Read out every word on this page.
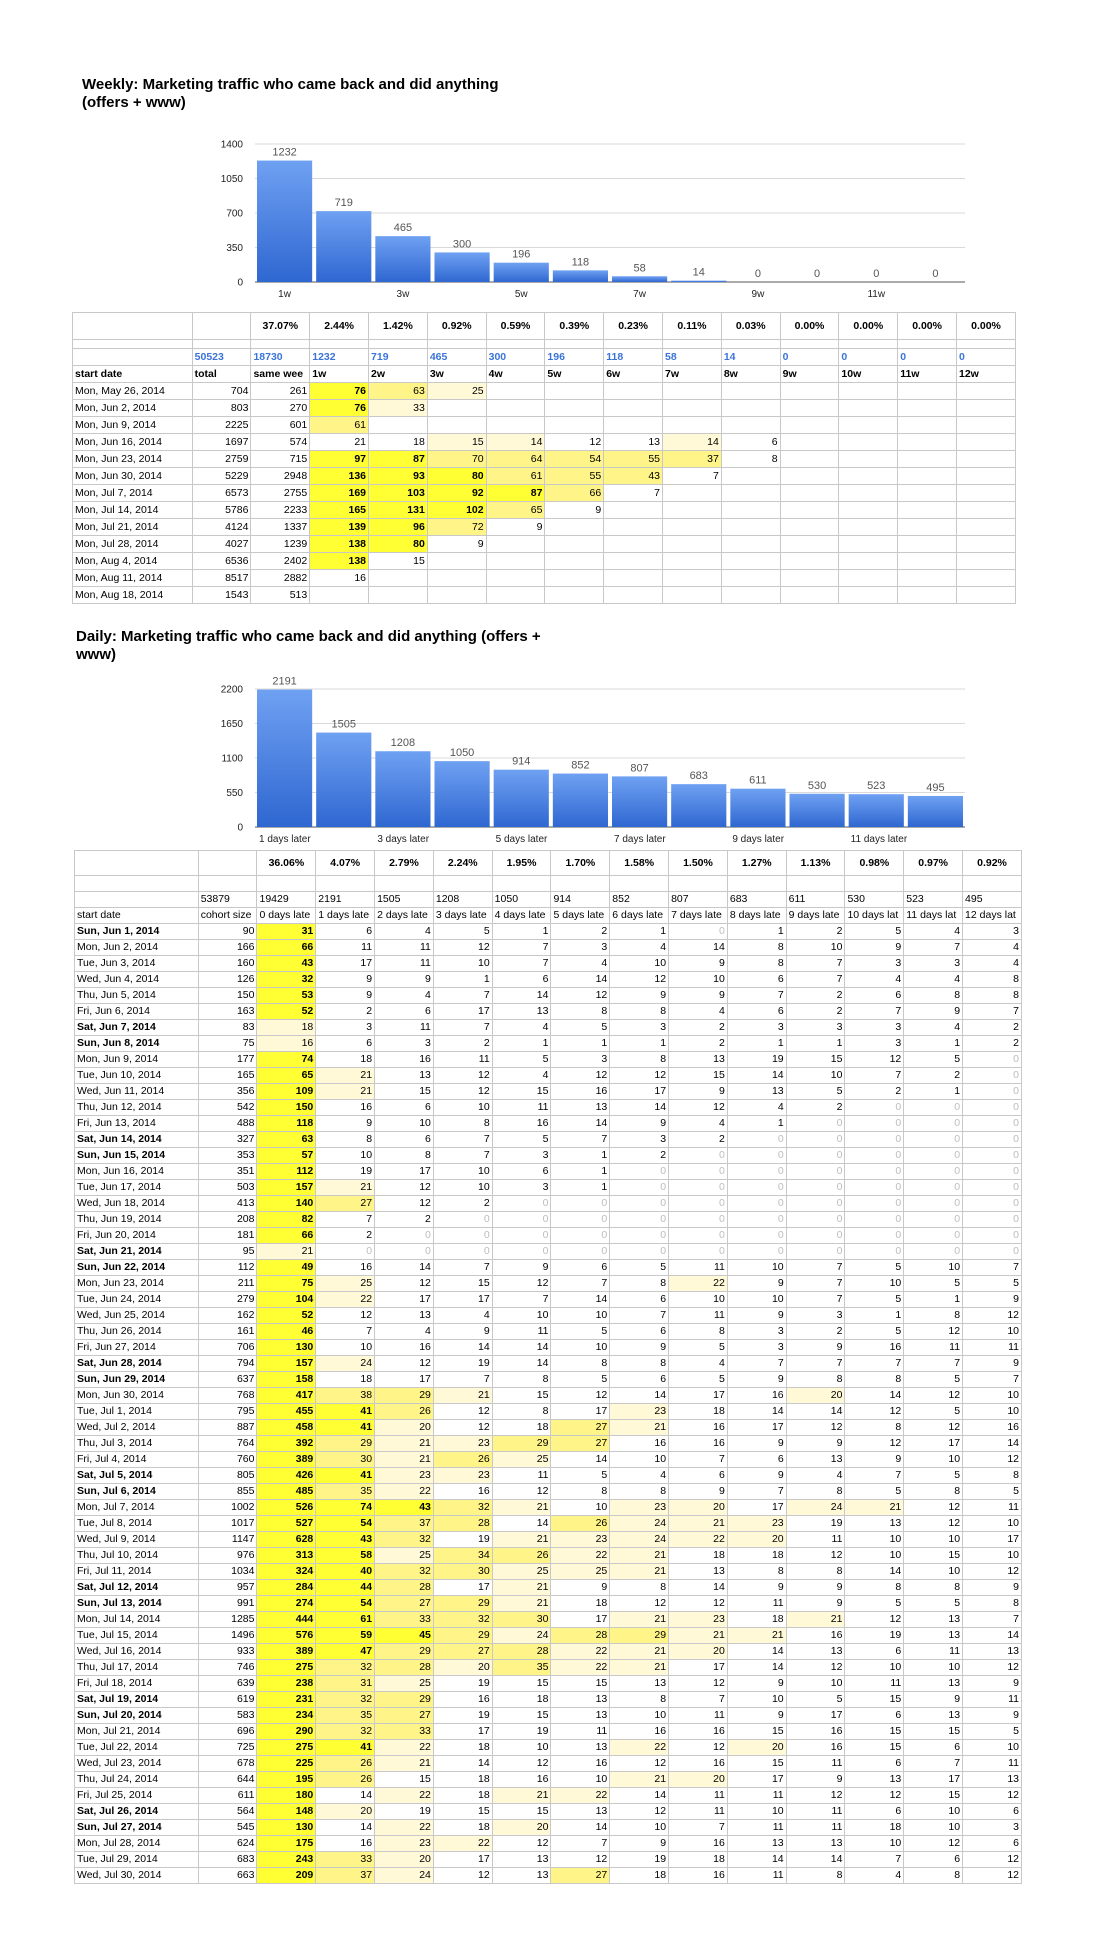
Weekly: Marketing traffic who came back and did anything (offers + www)
0
350
700
1050
1400
1232
1w
719
465
3w
300
196
5w
118	58
7w
14	0
9w
0	0
11w
0
		37.07%	2.44%	1.42%	0.92%	0.59%	0.39%	0.23%	0.11%	0.03%	0.00%	0.00%	0.00%	0.00%

	50523	18730	1232	719	465	300	196	118	58	14	0	0	0	0
start date	total	same wee	1w	2w	3w	4w	5w	6w	7w	8w	9w	10w	11w	12w
Mon, May 26, 2014	704	261	76	63	25									
Mon, Jun 2, 2014	803	270	76	33										
Mon, Jun 9, 2014	2225	601	61											
Mon, Jun 16, 2014	1697	574	21	18	15	14	12	13	14	6				
Mon, Jun 23, 2014	2759	715	97	87	70	64	54	55	37	8				
Mon, Jun 30, 2014	5229	2948	136	93	80	61	55	43	7					
Mon, Jul 7, 2014	6573	2755	169	103	92	87	66	7						
Mon, Jul 14, 2014	5786	2233	165	131	102	65	9							
Mon, Jul 21, 2014	4124	1337	139	96	72	9								
Mon, Jul 28, 2014	4027	1239	138	80	9									
Mon, Aug 4, 2014	6536	2402	138	15										
Mon, Aug 11, 2014	8517	2882	16											
Mon, Aug 18, 2014	1543	513												
Daily: Marketing traffic who came back and did anything (offers + www)
0
550
1100
1650
2200
2191
1 days later
1505
1208
3 days later
1050
914
5 days later
852	807
7 days later
683	611
9 days later
530	523
11 days later
495
		36.06%	4.07%	2.79%	2.24%	1.95%	1.70%	1.58%	1.50%	1.27%	1.13%	0.98%	0.97%	0.92%

	53879	19429	2191	1505	1208	1050	914	852	807	683	611	530	523	495
start date	cohort size	0 days late	1 days late	2 days late	3 days late	4 days late	5 days late	6 days late	7 days late	8 days late	9 days late	10 days lat	11 days lat	12 days lat
Sun, Jun 1, 2014	90	31	6	4	5	1	2	1	0	1	2	5	4	3
Mon, Jun 2, 2014	166	66	11	11	12	7	3	4	14	8	10	9	7	4
Tue, Jun 3, 2014	160	43	17	11	10	7	4	10	9	8	7	3	3	4
Wed, Jun 4, 2014	126	32	9	9	1	6	14	12	10	6	7	4	4	8
Thu, Jun 5, 2014	150	53	9	4	7	14	12	9	9	7	2	6	8	8
Fri, Jun 6, 2014	163	52	2	6	17	13	8	8	4	6	2	7	9	7
Sat, Jun 7, 2014	83	18	3	11	7	4	5	3	2	3	3	3	4	2
Sun, Jun 8, 2014	75	16	6	3	2	1	1	1	2	1	1	3	1	2
Mon, Jun 9, 2014	177	74	18	16	11	5	3	8	13	19	15	12	5	0
Tue, Jun 10, 2014	165	65	21	13	12	4	12	12	15	14	10	7	2	0
Wed, Jun 11, 2014	356	109	21	15	12	15	16	17	9	13	5	2	1	0
Thu, Jun 12, 2014	542	150	16	6	10	11	13	14	12	4	2	0	0	0
Fri, Jun 13, 2014	488	118	9	10	8	16	14	9	4	1	0	0	0	0
Sat, Jun 14, 2014	327	63	8	6	7	5	7	3	2	0	0	0	0	0
Sun, Jun 15, 2014	353	57	10	8	7	3	1	2	0	0	0	0	0	0
Mon, Jun 16, 2014	351	112	19	17	10	6	1	0	0	0	0	0	0	0
Tue, Jun 17, 2014	503	157	21	12	10	3	1	0	0	0	0	0	0	0
Wed, Jun 18, 2014	413	140	27	12	2	0	0	0	0	0	0	0	0	0
Thu, Jun 19, 2014	208	82	7	2	0	0	0	0	0	0	0	0	0	0
Fri, Jun 20, 2014	181	66	2	0	0	0	0	0	0	0	0	0	0	0
Sat, Jun 21, 2014	95	21	0	0	0	0	0	0	0	0	0	0	0	0
Sun, Jun 22, 2014	112	49	16	14	7	9	6	5	11	10	7	5	10	7
Mon, Jun 23, 2014	211	75	25	12	15	12	7	8	22	9	7	10	5	5
Tue, Jun 24, 2014	279	104	22	17	17	7	14	6	10	10	7	5	1	9
Wed, Jun 25, 2014	162	52	12	13	4	10	10	7	11	9	3	1	8	12
Thu, Jun 26, 2014	161	46	7	4	9	11	5	6	8	3	2	5	12	10
Fri, Jun 27, 2014	706	130	10	16	14	14	10	9	5	3	9	16	11	11
Sat, Jun 28, 2014	794	157	24	12	19	14	8	8	4	7	7	7	7	9
Sun, Jun 29, 2014	637	158	18	17	7	8	5	6	5	9	8	8	5	7
Mon, Jun 30, 2014	768	417	38	29	21	15	12	14	17	16	20	14	12	10
Tue, Jul 1, 2014	795	455	41	26	12	8	17	23	18	14	14	12	5	10
Wed, Jul 2, 2014	887	458	41	20	12	18	27	21	16	17	12	8	12	16
Thu, Jul 3, 2014	764	392	29	21	23	29	27	16	16	9	9	12	17	14
Fri, Jul 4, 2014	760	389	30	21	26	25	14	10	7	6	13	9	10	12
Sat, Jul 5, 2014	805	426	41	23	23	11	5	4	6	9	4	7	5	8
Sun, Jul 6, 2014	855	485	35	22	16	12	8	8	9	7	8	5	8	5
Mon, Jul 7, 2014	1002	526	74	43	32	21	10	23	20	17	24	21	12	11
Tue, Jul 8, 2014	1017	527	54	37	28	14	26	24	21	23	19	13	12	10
Wed, Jul 9, 2014	1147	628	43	32	19	21	23	24	22	20	11	10	10	17
Thu, Jul 10, 2014	976	313	58	25	34	26	22	21	18	18	12	10	15	10
Fri, Jul 11, 2014	1034	324	40	32	30	25	25	21	13	8	8	14	10	12
Sat, Jul 12, 2014	957	284	44	28	17	21	9	8	14	9	9	8	8	9
Sun, Jul 13, 2014	991	274	54	27	29	21	18	12	12	11	9	5	5	8
Mon, Jul 14, 2014	1285	444	61	33	32	30	17	21	23	18	21	12	13	7
Tue, Jul 15, 2014	1496	576	59	45	29	24	28	29	21	21	16	19	13	14
Wed, Jul 16, 2014	933	389	47	29	27	28	22	21	20	14	13	6	11	13
Thu, Jul 17, 2014	746	275	32	28	20	35	22	21	17	14	12	10	10	12
Fri, Jul 18, 2014	639	238	31	25	19	15	15	13	12	9	10	11	13	9
Sat, Jul 19, 2014	619	231	32	29	16	18	13	8	7	10	5	15	9	11
Sun, Jul 20, 2014	583	234	35	27	19	15	13	10	11	9	17	6	13	9
Mon, Jul 21, 2014	696	290	32	33	17	19	11	16	16	15	16	15	15	5
Tue, Jul 22, 2014	725	275	41	22	18	10	13	22	12	20	16	15	6	10
Wed, Jul 23, 2014	678	225	26	21	14	12	16	12	16	15	11	6	7	11
Thu, Jul 24, 2014	644	195	26	15	18	16	10	21	20	17	9	13	17	13
Fri, Jul 25, 2014	611	180	14	22	18	21	22	14	11	11	12	12	15	12
Sat, Jul 26, 2014	564	148	20	19	15	15	13	12	11	10	11	6	10	6
Sun, Jul 27, 2014	545	130	14	22	18	20	14	10	7	11	11	18	10	3
Mon, Jul 28, 2014	624	175	16	23	22	12	7	9	16	13	13	10	12	6
Tue, Jul 29, 2014	683	243	33	20	17	13	12	19	18	14	14	7	6	12
Wed, Jul 30, 2014	663	209	37	24	12	13	27	18	16	11	8	4	8	12
